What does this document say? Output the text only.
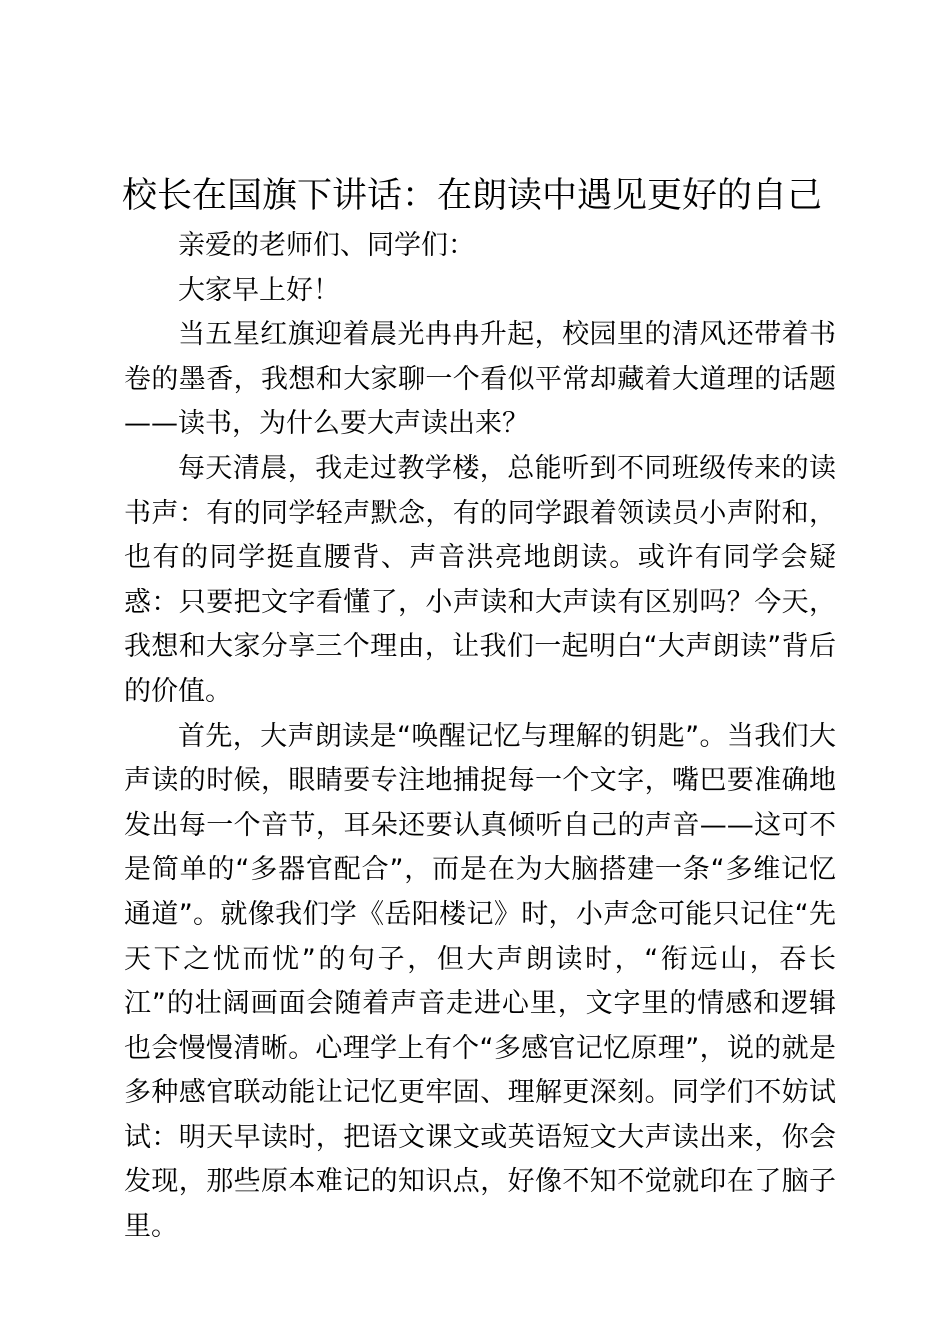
校长在国旗下讲话：在朗读中遇见更好的自己

亲爱的老师们、同学们：

大家早上好！

当五星红旗迎着晨光冉冉升起，校园里的清风还带着书卷的墨香，我想和大家聊一个看似平常却藏着大道理的话题——读书，为什么要大声读出来？

每天清晨，我走过教学楼，总能听到不同班级传来的读书声：有的同学轻声默念，有的同学跟着领读员小声附和，也有的同学挺直腰背、声音洪亮地朗读。或许有同学会疑惑：只要把文字看懂了，小声读和大声读有区别吗？今天，我想和大家分享三个理由，让我们一起明白“大声朗读”背后的价值。

首先，大声朗读是“唤醒记忆与理解的钥匙”。当我们大声读的时候，眼睛要专注地捕捉每一个文字，嘴巴要准确地发出每一个音节，耳朵还要认真倾听自己的声音——这可不是简单的“多器官配合”，而是在为大脑搭建一条“多维记忆通道”。就像我们学《岳阳楼记》时，小声念可能只记住“先天下之忧而忧”的句子，但大声朗读时，“衔远山，吞长江”的壮阔画面会随着声音走进心里，文字里的情感和逻辑也会慢慢清晰。心理学上有个“多感官记忆原理”，说的就是多种感官联动能让记忆更牢固、理解更深刻。同学们不妨试试：明天早读时，把语文课文或英语短文大声读出来，你会发现，那些原本难记的知识点，好像不知不觉就印在了脑子里。
